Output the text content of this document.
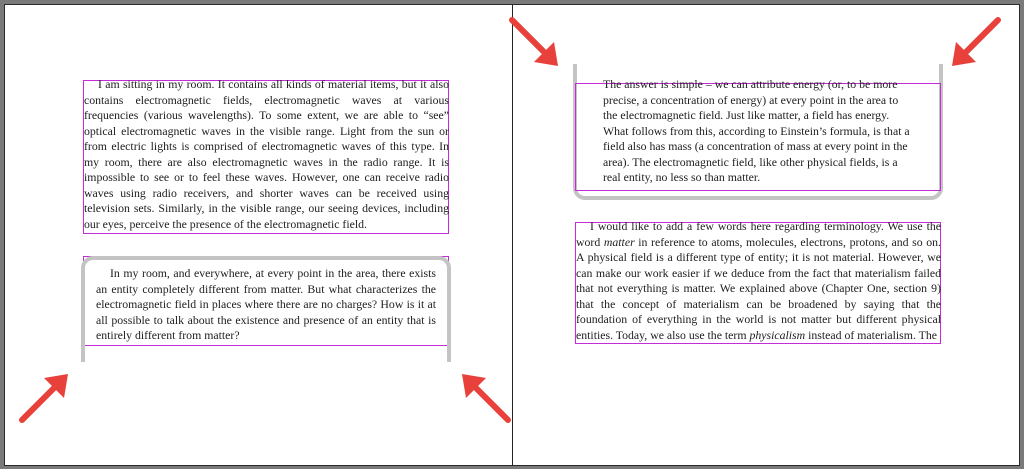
I am sitting in my room. It contains all kinds of material items, but it also contains electromagnetic fields, electromagnetic waves at various frequencies (various wavelengths). To some extent, we are able to “see” optical electromagnetic waves in the visible range. Light from the sun or from electric lights is comprised of electromagnetic waves of this type. In my room, there are also electromagnetic waves in the radio range. It is impossible to see or to feel these waves. However, one can receive radio waves using radio receivers, and shorter waves can be received using television sets. Similarly, in the visible range, our seeing devices, including our eyes, perceive the presence of the electromagnetic field.

In my room, and everywhere, at every point in the area, there exists an entity completely different from matter. But what characterizes the electromagnetic field in places where there are no charges? How is it at all possible to talk about the existence and presence of an entity that is entirely different from matter?

The answer is simple – we can attribute energy (or, to be more precise, a concentration of energy) at every point in the area to the electromagnetic field. Just like matter, a field has energy. What follows from this, according to Einstein’s formula, is that a field also has mass (a concentration of mass at every point in the area). The electromagnetic field, like other physical fields, is a real entity, no less so than matter.

I would like to add a few words here regarding terminology. We use the word matter in reference to atoms, molecules, electrons, protons, and so on. A physical field is a different type of entity; it is not material. However, we can make our work easier if we deduce from the fact that materialism failed that not everything is matter. We explained above (Chapter One, section 9) that the concept of materialism can be broadened by saying that the foundation of everything in the world is not matter but different physical entities. Today, we also use the term physicalism instead of materialism. The
